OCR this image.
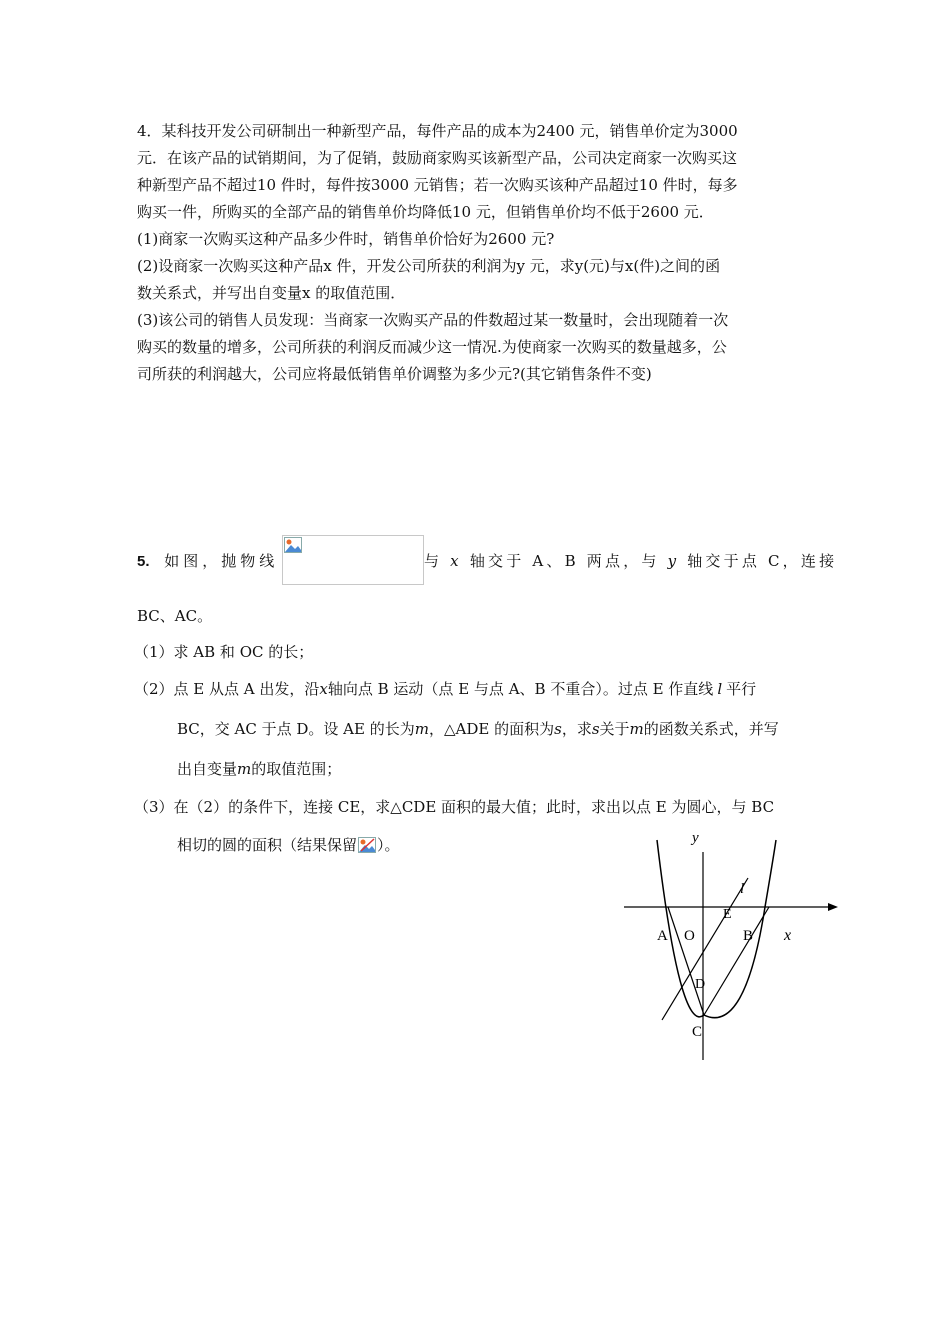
4．某科技开发公司研制出一种新型产品，每件产品的成本为2400 元，销售单价定为3000
元．在该产品的试销期间，为了促销，鼓励商家购买该新型产品，公司决定商家一次购买这
种新型产品不超过10 件时，每件按3000 元销售；若一次购买该种产品超过10 件时，每多
购买一件，所购买的全部产品的销售单价均降低10 元，但销售单价均不低于2600 元．
(1)商家一次购买这种产品多少件时，销售单价恰好为2600 元?
(2)设商家一次购买这种产品x 件，开发公司所获的利润为y 元，求y(元)与x(件)之间的函
数关系式，并写出自变量x 的取值范围．
(3)该公司的销售人员发现：当商家一次购买产品的件数超过某一数量时，会出现随着一次
购买的数量的增多，公司所获的利润反而减少这一情况.为使商家一次购买的数量越多，公
司所获的利润越大，公司应将最低销售单价调整为多少元?(其它销售条件不变)
5. 如图，抛物线	与 x 轴交于 A、B 两点，与 y 轴交于点 C，连接
BC、AC。
（1）求 AB 和 OC 的长；
（2）点 E 从点 A 出发，沿x轴向点 B 运动（点 E 与点 A、B 不重合）。过点 E 作直线 l 平行
BC，交 AC 于点 D。设 AE 的长为m，△ADE 的面积为s，求s关于m的函数关系式，并写
出自变量m的取值范围；
（3）在（2）的条件下，连接 CE，求△CDE 面积的最大值；此时，求出以点 E 为圆心，与 BC
相切的圆的面积（结果保留 ）。	y
l
E
A O	B x
D
C
